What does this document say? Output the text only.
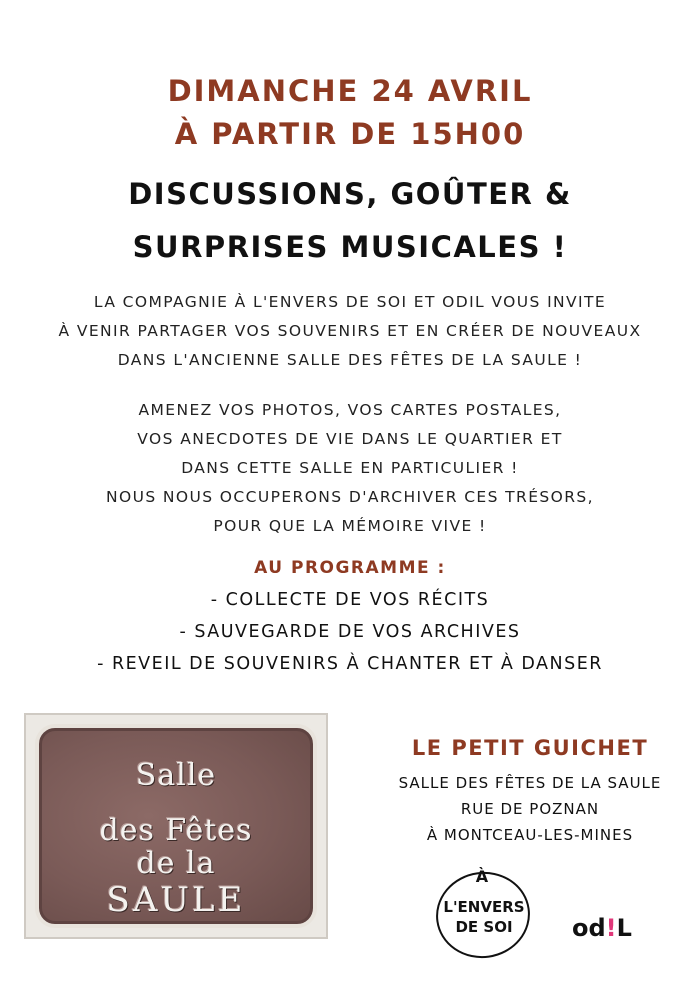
DIMANCHE 24 AVRIL
À PARTIR DE 15H00
DISCUSSIONS, GOÛTER &
SURPRISES MUSICALES !
LA COMPAGNIE À L'ENVERS DE SOI ET ODIL VOUS INVITE
À VENIR PARTAGER VOS SOUVENIRS ET EN CRÉER DE NOUVEAUX
DANS L'ANCIENNE SALLE DES FÊTES DE LA SAULE !
AMENEZ VOS PHOTOS, VOS CARTES POSTALES,
VOS ANECDOTES DE VIE DANS LE QUARTIER ET
DANS CETTE SALLE EN PARTICULIER !
NOUS NOUS OCCUPERONS D'ARCHIVER CES TRÉSORS,
POUR QUE LA MÉMOIRE VIVE !
AU PROGRAMME :
- COLLECTE DE VOS RÉCITS
- SAUVEGARDE DE VOS ARCHIVES
- REVEIL DE SOUVENIRS À CHANTER ET À DANSER
Salle
des Fêtes
de la
SAULE
LE PETIT GUICHET
SALLE DES FÊTES DE LA SAULE
RUE DE POZNAN
À MONTCEAU-LES-MINES
À
L'ENVERS
DE SOI od!L
